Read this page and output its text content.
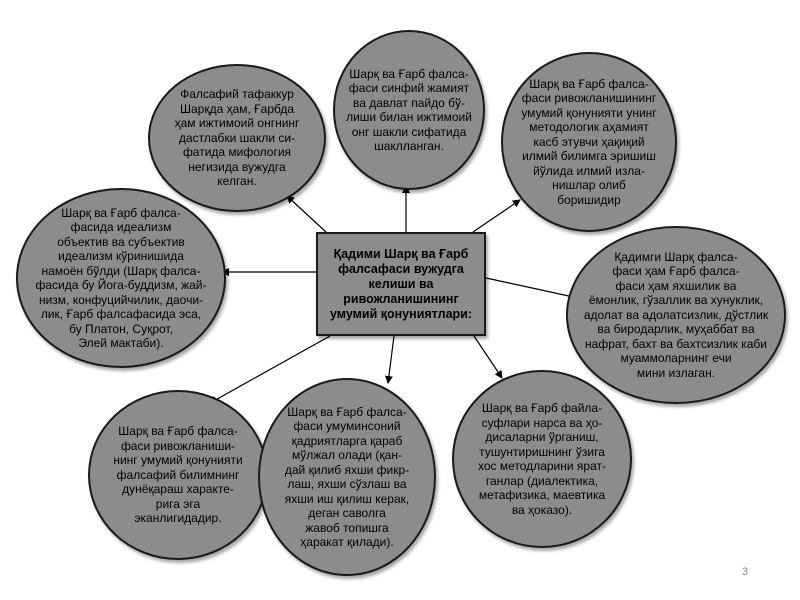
Фалсафий тафаккур
Шарқда ҳам, Ғарбда
ҳам ижтимоий онгнинг
дастлабки шакли си-
фатида мифология
негизида вужудга
келган.
Шарқ ва Ғарб фалса-
фаси синфий жамият
ва давлат пайдо бў-
лиши билан ижтимоий
онг шакли сифатида
шаклланган.
Шарқ ва Ғарб фалса-
фаси ривожланишининг
умумий қонунияти унинг
методологик аҳамият
касб этувчи ҳақиқий
илмий билимга эришиш
йўлида илмий изла-
нишлар олиб
боришидир
Шарқ ва Ғарб фалса-
фасида идеализм
объектив ва субъектив
идеализм кўринишида
намоён бўлди (Шарқ фалса-
фасида бу Йога-буддизм, жай-
низм, конфуцийчилик, даочи-
лик, Ғарб фалсафасида эса,
бу Платон, Суқрот,
Элей мактаби).
Қадими Шарқ ва Ғарб
фалсафаси вужудга
келиши ва
ривожланишининг
умумий қонуниятлари:
Қадимги Шарқ фалса-
фаси ҳам Ғарб фалса-
фаси ҳам яхшилик ва
ёмонлик, гўзаллик ва хунуклик,
адолат ва адолатсизлик, дўстлик
ва биродарлик, муҳаббат ва
нафрат, бахт ва бахтсизлик каби
муаммоларнинг ечи
мини излаган.
Шарқ ва Ғарб фалса-
фаси ривожланиши-
нинг умумий қонунияти
фалсафий билимнинг
дунёқараш характе-
рига эга
эканлигидадир.
Шарқ ва Ғарб фалса-
фаси умуминсоний
қадриятларга қараб
мўлжал олади (қан-
дай қилиб яхши фикр-
лаш, яхши сўзлаш ва
яхши иш қилиш керак,
деган саволга
жавоб топишга
ҳаракат қилади).
Шарқ ва Ғарб файла-
суфлари нарса ва ҳо-
дисаларни ўрганиш,
тушунтиришнинг ўзига
хос методларини ярат-
ганлар (диалектика,
метафизика, маевтика
ва ҳоказо).
3
